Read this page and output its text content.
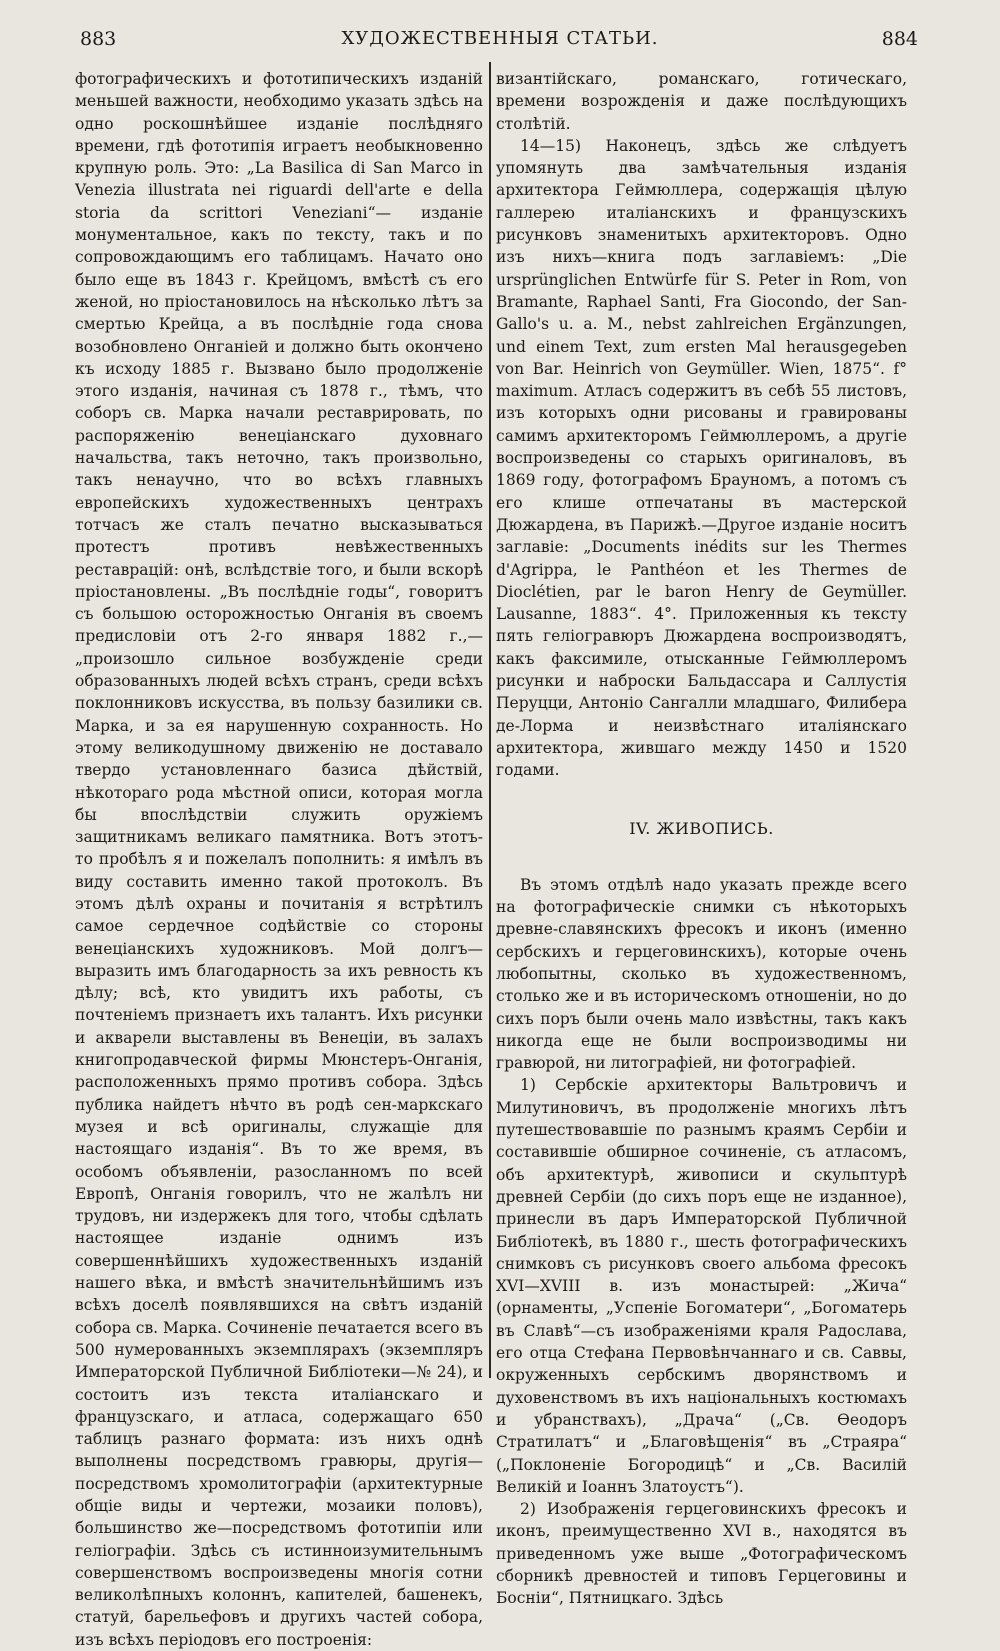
883	ХУДОЖЕСТВЕННЫЯ СТАТЬИ.	884

фотографическихъ и фототипическихъ изданій меньшей важности, необходимо указать здѣсь на одно роскошнѣйшее изданіе послѣдняго времени, гдѣ фототипія играетъ необыкновенно крупную роль. Это: „La Basilica di San Marco in Venezia illustrata nei riguardi dell'arte e della storia da scrittori Veneziani“— изданіе монументальное, какъ по тексту, такъ и по сопровождающимъ его таблицамъ. Начато оно было еще въ 1843 г. Крейцомъ, вмѣстѣ съ его женой, но пріостановилось на нѣсколько лѣтъ за смертью Крейца, а въ послѣдніе года снова возобновлено Онганіей и должно быть окончено къ исходу 1885 г. Вызвано было продолженіе этого изданія, начиная съ 1878 г., тѣмъ, что соборъ св. Марка начали реставрировать, по распоряженію венеціанскаго духовнаго начальства, такъ неточно, такъ произвольно, такъ ненаучно, что во всѣхъ главныхъ европейскихъ художественныхъ центрахъ тотчасъ же сталъ печатно высказываться протестъ противъ невѣжественныхъ реставрацій: онѣ, вслѣдствіе того, и были вскорѣ пріостановлены. „Въ послѣдніе годы“, говоритъ съ большою осторожностью Онганія въ своемъ предисловіи отъ 2-го января 1882 г.,—„произошло сильное возбужденіе среди образованныхъ людей всѣхъ странъ, среди всѣхъ поклонниковъ искусства, въ пользу базилики св. Марка, и за ея нарушенную сохранность. Но этому великодушному движенію не доставало твердо установленнаго базиса дѣйствій, нѣкотораго рода мѣстной описи, которая могла бы впослѣдствіи служить оружіемъ защитникамъ великаго памятника. Вотъ этотъ-то пробѣлъ я и пожелалъ пополнить: я имѣлъ въ виду составить именно такой протоколъ. Въ этомъ дѣлѣ охраны и почитанія я встрѣтилъ самое сердечное содѣйствіе со стороны венеціанскихъ художниковъ. Мой долгъ—выразить имъ благодарность за ихъ ревность къ дѣлу; всѣ, кто увидитъ ихъ работы, съ почтеніемъ признаетъ ихъ талантъ. Ихъ рисунки и акварели выставлены въ Венеціи, въ залахъ книгопродавческой фирмы Мюнстеръ-Онганія, расположенныхъ прямо противъ собора. Здѣсь публика найдетъ нѣчто въ родѣ сен-маркскаго музея и всѣ оригиналы, служащіе для настоящаго изданія“. Въ то же время, въ особомъ объявленіи, разосланномъ по всей Европѣ, Онганія говорилъ, что не жалѣлъ ни трудовъ, ни издержекъ для того, чтобы сдѣлать настоящее изданіе однимъ изъ совершеннѣйшихъ художественныхъ изданій нашего вѣка, и вмѣстѣ значительнѣйшимъ изъ всѣхъ доселѣ появлявшихся на свѣтъ изданій собора св. Марка. Сочиненіе печатается всего въ 500 нумерованныхъ экземплярахъ (экземпляръ Императорской Публичной Библіотеки—№ 24), и состоитъ изъ текста италіанскаго и французскаго, и атласа, содержащаго 650 таблицъ разнаго формата: изъ нихъ однѣ выполнены посредствомъ гравюры, другія—посредствомъ хромолитографіи (архитектурные общіе виды и чертежи, мозаики половъ), большинство же—посредствомъ фототипіи или геліографіи. Здѣсь съ истинноизумительнымъ совершенствомъ воспроизведены многія сотни великолѣпныхъ колоннъ, капителей, башенекъ, статуй, барельефовъ и другихъ частей собора, изъ всѣхъ періодовъ его построенія:

византійскаго, романскаго, готическаго, времени возрожденія и даже послѣдующихъ столѣтій.

14—15) Наконецъ, здѣсь же слѣдуетъ упомянуть два замѣчательныя изданія архитектора Геймюллера, содержащія цѣлую галлерею италіанскихъ и французскихъ рисунковъ знаменитыхъ архитекторовъ. Одно изъ нихъ—книга подъ заглавіемъ: „Die ursprünglichen Entwürfe für S. Peter in Rom, von Bramante, Raphael Santi, Fra Giocondo, der San-Gallo's u. a. M., nebst zahlreichen Ergänzungen, und einem Text, zum ersten Mal herausgegeben von Bar. Heinrich von Geymüller. Wien, 1875“. f° maximum. Атласъ содержитъ въ себѣ 55 листовъ, изъ которыхъ одни рисованы и гравированы самимъ архитекторомъ Геймюллеромъ, а другіе воспроизведены со старыхъ оригиналовъ, въ 1869 году, фотографомъ Брауномъ, а потомъ съ его клише отпечатаны въ мастерской Дюжардена, въ Парижѣ.—Другое изданіе носитъ заглавіе: „Documents inédits sur les Thermes d'Agrippa, le Panthéon et les Thermes de Dioclétien, par le baron Henry de Geymüller. Lausanne, 1883“. 4°. Приложенныя къ тексту пять геліогравюръ Дюжардена воспроизводятъ, какъ факсимиле, отысканные Геймюллеромъ рисунки и наброски Бальдассара и Саллустія Перуцци, Антоніо Сангалли младшаго, Филибера де-Лорма и неизвѣстнаго италіянскаго архитектора, жившаго между 1450 и 1520 годами.

IV. ЖИВОПИСЬ.

Въ этомъ отдѣлѣ надо указать прежде всего на фотографическіе снимки съ нѣкоторыхъ древне-славянскихъ фресокъ и иконъ (именно сербскихъ и герцеговинскихъ), которые очень любопытны, сколько въ художественномъ, столько же и въ историческомъ отношеніи, но до сихъ поръ были очень мало извѣстны, такъ какъ никогда еще не были воспроизводимы ни гравюрой, ни литографіей, ни фотографіей.

1) Сербскіе архитекторы Вальтровичъ и Милутиновичъ, въ продолженіе многихъ лѣтъ путешествовавшіе по разнымъ краямъ Сербіи и составившіе обширное сочиненіе, съ атласомъ, объ архитектурѣ, живописи и скульптурѣ древней Сербіи (до сихъ поръ еще не изданное), принесли въ даръ Императорской Публичной Библіотекѣ, въ 1880 г., шесть фотографическихъ снимковъ съ рисунковъ своего альбома фресокъ XVI—XVIII в. изъ монастырей: „Жича“ (орнаменты, „Успеніе Богоматери“, „Богоматерь въ Славѣ“—съ изображеніями краля Радослава, его отца Стефана Первовѣнчаннаго и св. Саввы, окруженныхъ сербскимъ дворянствомъ и духовенствомъ въ ихъ національныхъ костюмахъ и убранствахъ), „Драча“ („Св. Ѳеодоръ Стратилатъ“ и „Благовѣщенія“ въ „Страяра“ („Поклоненіе Богородицѣ“ и „Св. Василій Великій и Іоаннъ Златоустъ“).

2) Изображенія герцеговинскихъ фресокъ и иконъ, преимущественно XVI в., находятся въ приведенномъ уже выше „Фотографическомъ сборникѣ древностей и типовъ Герцеговины и Босніи“, Пятницкаго. Здѣсь
